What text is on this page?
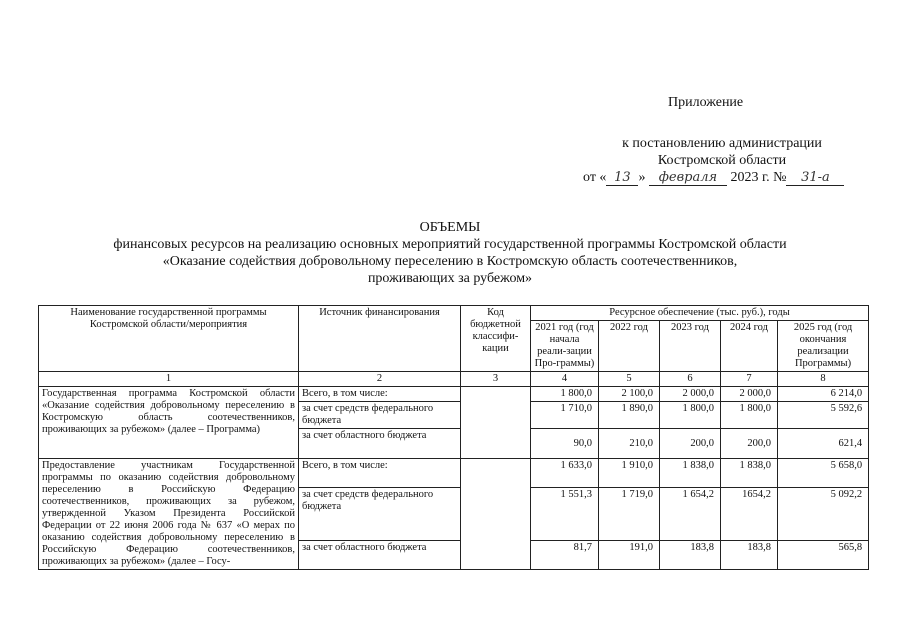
Приложение
к постановлению администрации
Костромской области
от « 13 » февраля 2023 г. № 31-а
ОБЪЕМЫ
финансовых ресурсов на реализацию основных мероприятий государственной программы Костромской области
«Оказание содействия добровольному переселению в Костромскую область соотечественников,
проживающих за рубежом»
Наименование государственной программы Костромской области/мероприятия	Источник финансирования	Код бюджетной классифи-кации	Ресурсное обеспечение (тыс. руб.), годы				
			2021 год (год начала реали-зации Про-граммы)	2022 год	2023 год	2024 год	2025 год (год окончания реализации Программы)
1	2	3	4	5	6	7	8
Государственная программа Костромской области «Оказание содействия добровольному переселению в Костромскую область соотечественников, проживающих за рубежом» (далее – Программа)	Всего, в том числе:		1 800,0	2 100,0	2 000,0	2 000,0	6 214,0
	за счет средств федерального бюджета		1 710,0	1 890,0	1 800,0	1 800,0	5 592,6
	за счет областного бюджета		90,0	210,0	200,0	200,0	621,4
Предоставление участникам Государственной программы по оказанию содействия добровольному переселению в Российскую Федерацию соотечественников, проживающих за рубежом, утвержденной Указом Президента Российской Федерации от 22 июня 2006 года № 637 «О мерах по оказанию содействия добровольному переселению в Российскую Федерацию соотечественников, проживающих за рубежом» (далее – Госу-	Всего, в том числе:		1 633,0	1 910,0	1 838,0	1 838,0	5 658,0
	за счет средств федерального бюджета		1 551,3	1 719,0	1 654,2	1654,2	5 092,2
	за счет областного бюджета		81,7	191,0	183,8	183,8	565,8
